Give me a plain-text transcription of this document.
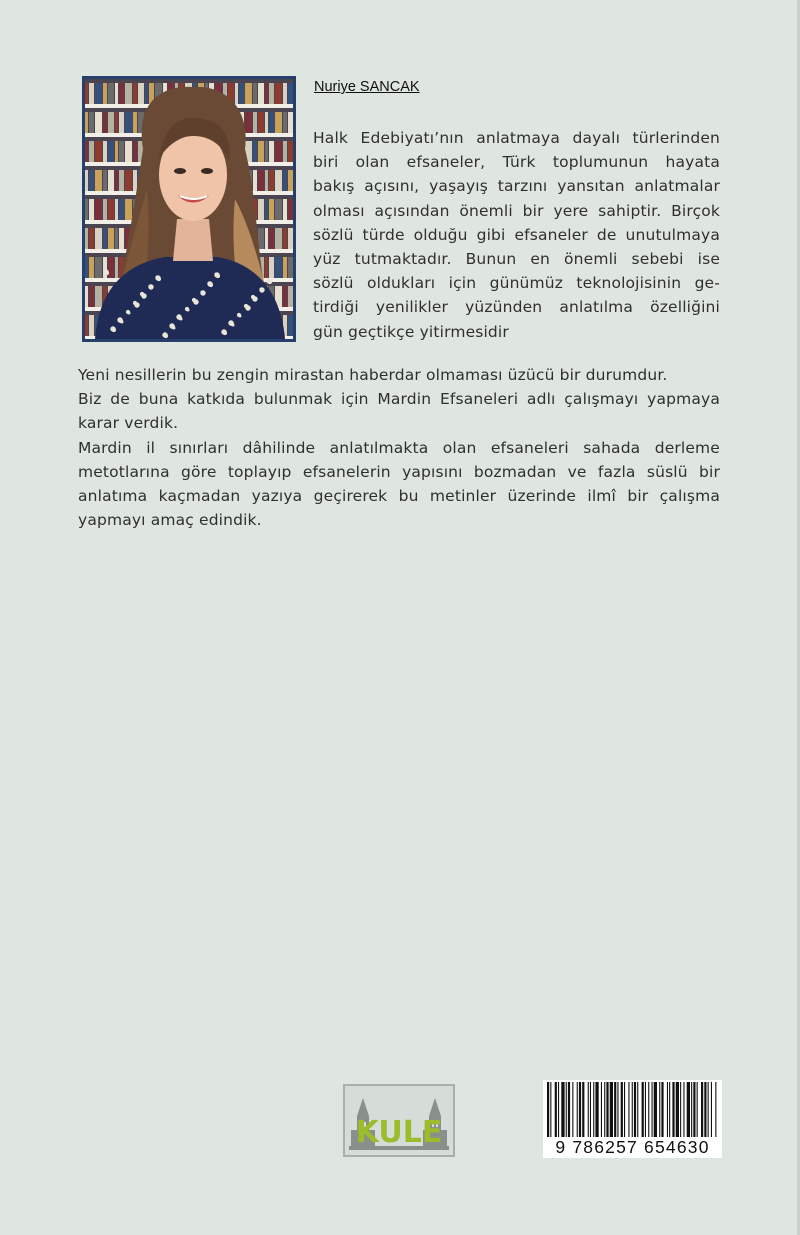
Nuriye SANCAK
Halk Edebiyatı’nın anlatmaya dayalı türlerinden
biri olan efsaneler, Türk toplumunun hayata
bakış açısını, yaşayış tarzını yansıtan anlatmalar
olması açısından önemli bir yere sahiptir. Birçok
sözlü türde olduğu gibi efsaneler de unutulmaya
yüz tutmaktadır. Bunun en önemli sebebi ise
sözlü oldukları için günümüz teknolojisinin ge-
tirdiği yenilikler yüzünden anlatılma özelliğini
gün geçtikçe yitirmesidir
Yeni nesillerin bu zengin mirastan haberdar olmaması üzücü bir durumdur.
Biz de buna katkıda bulunmak için Mardin Efsaneleri adlı çalışmayı yapmaya
karar verdik.
Mardin il sınırları dâhilinde anlatılmakta olan efsaneleri sahada derleme
metotlarına göre toplayıp efsanelerin yapısını bozmadan ve fazla süslü bir
anlatıma kaçmadan yazıya geçirerek bu metinler üzerinde ilmî bir çalışma
yapmayı amaç edindik.
KULE	9 786257 654630
